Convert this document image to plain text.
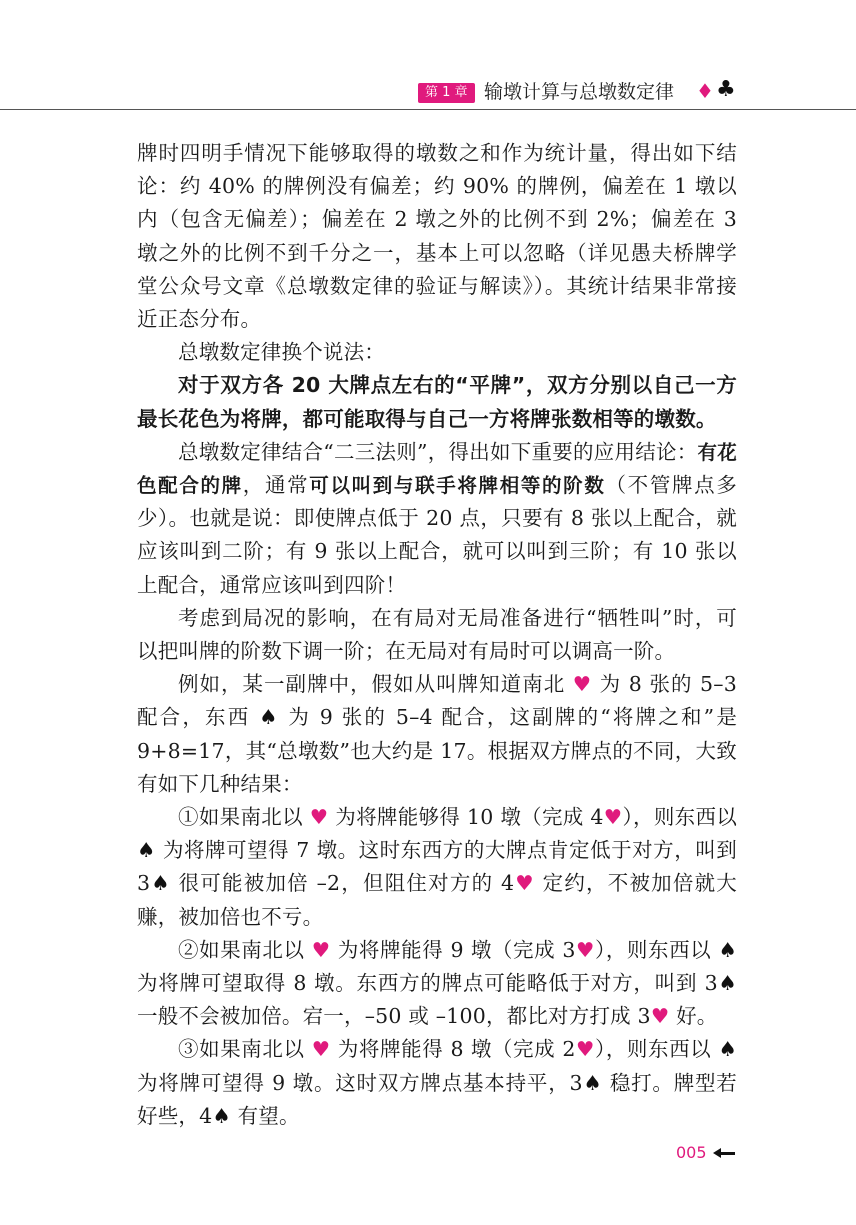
第 1 章 输墩计算与总墩数定律 ♦ ♣

牌时四明手情况下能够取得的墩数之和作为统计量，得出如下结论：约 40% 的牌例没有偏差；约 90% 的牌例，偏差在 1 墩以内（包含无偏差）；偏差在 2 墩之外的比例不到 2%；偏差在 3 墩之外的比例不到千分之一，基本上可以忽略（详见愚夫桥牌学堂公众号文章《总墩数定律的验证与解读》）。其统计结果非常接近正态分布。

总墩数定律换个说法：

对于双方各 20 大牌点左右的“平牌”，双方分别以自己一方最长花色为将牌，都可能取得与自己一方将牌张数相等的墩数。

总墩数定律结合“二三法则”，得出如下重要的应用结论：有花色配合的牌，通常可以叫到与联手将牌相等的阶数（不管牌点多少）。也就是说：即使牌点低于 20 点，只要有 8 张以上配合，就应该叫到二阶；有 9 张以上配合，就可以叫到三阶；有 10 张以上配合，通常应该叫到四阶！

考虑到局况的影响，在有局对无局准备进行“牺牲叫”时，可以把叫牌的阶数下调一阶；在无局对有局时可以调高一阶。

例如，某一副牌中，假如从叫牌知道南北 ♥ 为 8 张的 5–3 配合，东西 ♠ 为 9 张的 5–4 配合，这副牌的“将牌之和”是 9+8=17，其“总墩数”也大约是 17。根据双方牌点的不同，大致有如下几种结果：

①如果南北以 ♥ 为将牌能够得 10 墩（完成 4♥），则东西以 ♠ 为将牌可望得 7 墩。这时东西方的大牌点肯定低于对方，叫到 3♠ 很可能被加倍 –2，但阻住对方的 4♥ 定约，不被加倍就大赚，被加倍也不亏。

②如果南北以 ♥ 为将牌能得 9 墩（完成 3♥），则东西以 ♠ 为将牌可望取得 8 墩。东西方的牌点可能略低于对方，叫到 3♠ 一般不会被加倍。宕一，–50 或 –100，都比对方打成 3♥ 好。

③如果南北以 ♥ 为将牌能得 8 墩（完成 2♥），则东西以 ♠ 为将牌可望得 9 墩。这时双方牌点基本持平，3♠ 稳打。牌型若好些，4♠ 有望。

005
